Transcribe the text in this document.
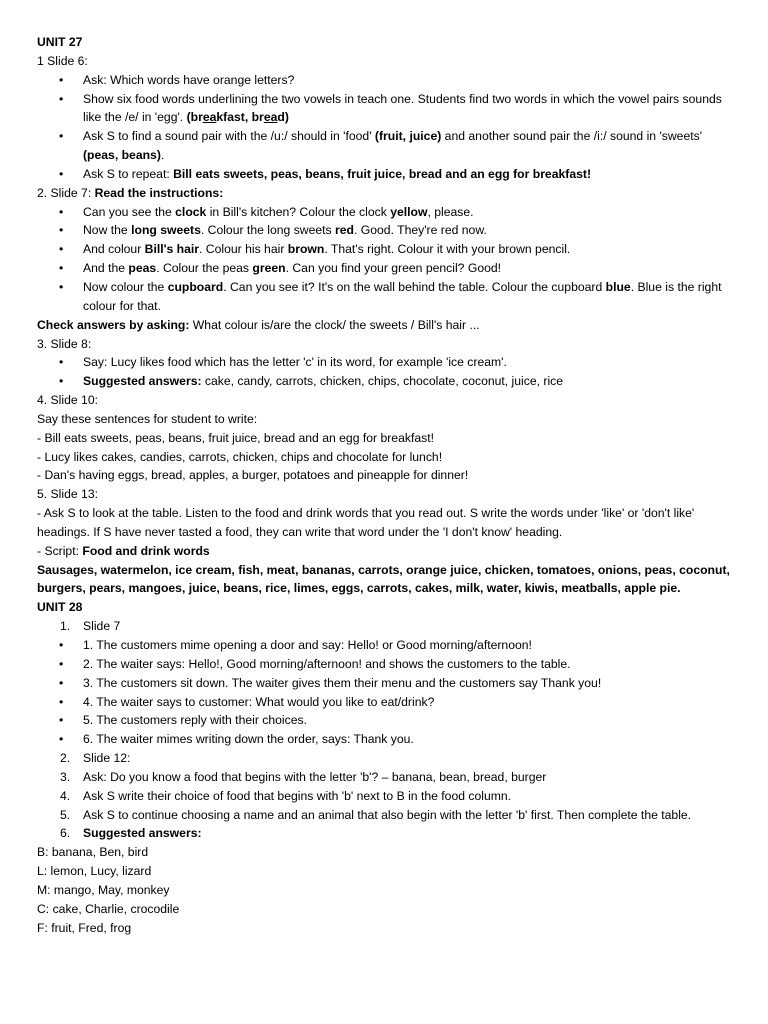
UNIT 27

1 Slide 6:

•	Ask: Which words have orange letters?
•	Show six food words underlining the two vowels in teach one. Students find two words in which the vowel pairs sounds like the /e/ in 'egg'. (breakfast, bread)
•	Ask S to find a sound pair with the /u:/ should in 'food' (fruit, juice) and another sound pair the /i:/ sound in 'sweets' (peas, beans).
•	Ask S to repeat: Bill eats sweets, peas, beans, fruit juice, bread and an egg for breakfast!

2. Slide 7: Read the instructions:

•	Can you see the clock in Bill's kitchen? Colour the clock yellow, please.
•	Now the long sweets. Colour the long sweets red. Good. They're red now.
•	And colour Bill's hair. Colour his hair brown. That's right. Colour it with your brown pencil.
•	And the peas. Colour the peas green. Can you find your green pencil? Good!
•	Now colour the cupboard. Can you see it? It's on the wall behind the table. Colour the cupboard blue. Blue is the right colour for that.

Check answers by asking: What colour is/are the clock/ the sweets / Bill's hair ...

3. Slide 8:

•	Say: Lucy likes food which has the letter 'c' in its word, for example 'ice cream'.
•	Suggested answers: cake, candy, carrots, chicken, chips, chocolate, coconut, juice, rice

4. Slide 10:

Say these sentences for student to write:

- Bill eats sweets, peas, beans, fruit juice, bread and an egg for breakfast!

- Lucy likes cakes, candies, carrots, chicken, chips and chocolate for lunch!

- Dan's having eggs, bread, apples, a burger, potatoes and pineapple for dinner!

5. Slide 13:

- Ask S to look at the table. Listen to the food and drink words that you read out. S write the words under 'like' or 'don't like' headings. If S have never tasted a food, they can write that word under the 'I don't know' heading.

- Script: Food and drink words

Sausages, watermelon, ice cream, fish, meat, bananas, carrots, orange juice, chicken, tomatoes, onions, peas, coconut, burgers, pears, mangoes, juice, beans, rice, limes, eggs, carrots, cakes, milk, water, kiwis, meatballs, apple pie.

UNIT 28

1.	Slide 7
•	1. The customers mime opening a door and say: Hello! or Good morning/afternoon!
•	2. The waiter says: Hello!, Good morning/afternoon! and shows the customers to the table.
•	3. The customers sit down. The waiter gives them their menu and the customers say Thank you!
•	4. The waiter says to customer: What would you like to eat/drink?
•	5. The customers reply with their choices.
•	6. The waiter mimes writing down the order, says: Thank you.
2.	Slide 12:
3.	Ask: Do you know a food that begins with the letter 'b'? – banana, bean, bread, burger
4.	Ask S write their choice of food that begins with 'b' next to B in the food column.
5.	Ask S to continue choosing a name and an animal that also begin with the letter 'b' first. Then complete the table.
6.	Suggested answers:

B: banana, Ben, bird

L: lemon, Lucy, lizard

M: mango, May, monkey

C: cake, Charlie, crocodile

F: fruit, Fred, frog
